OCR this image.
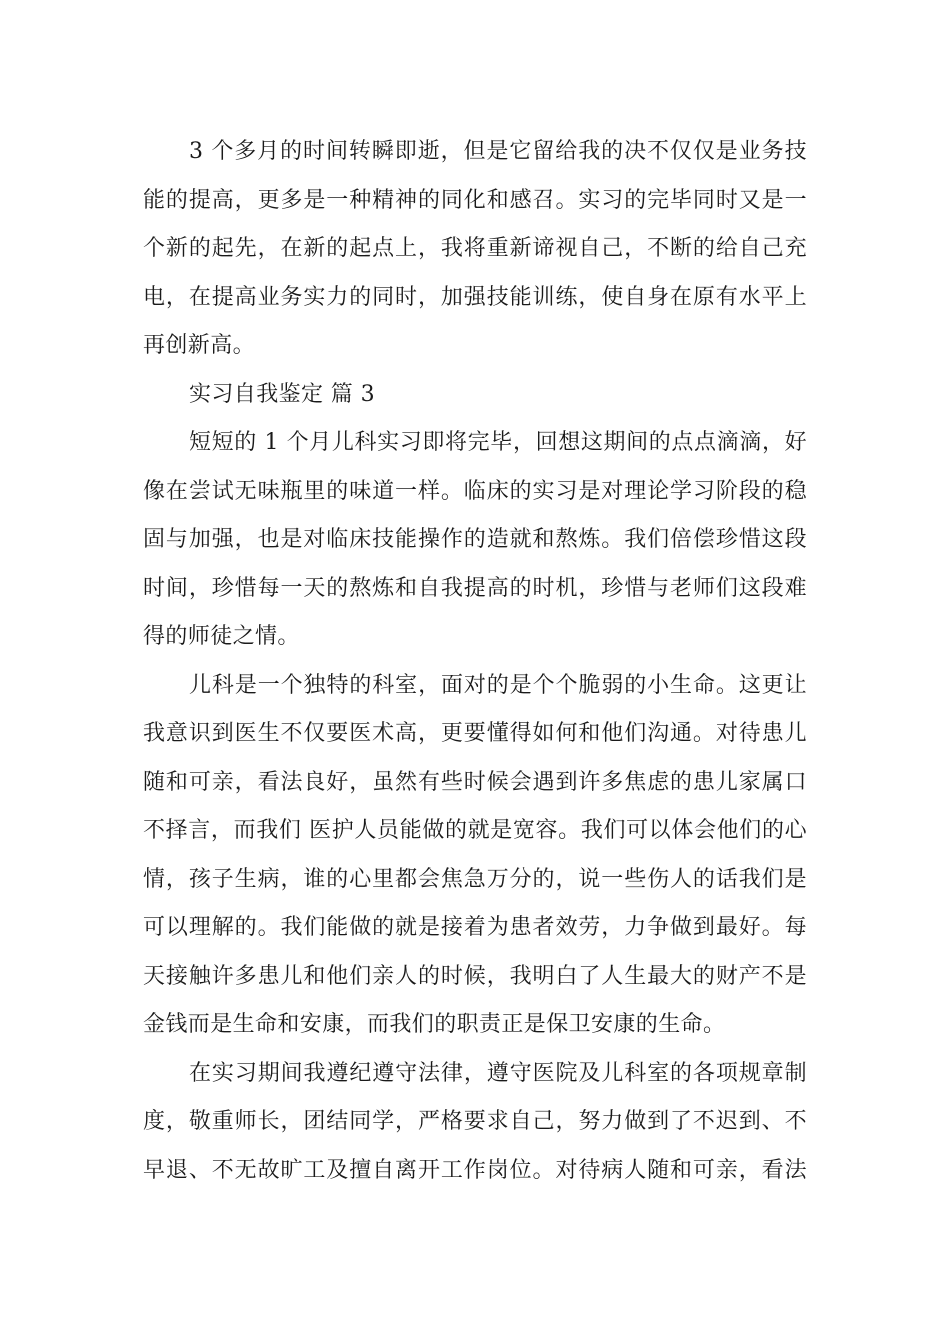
3 个多月的时间转瞬即逝，但是它留给我的决不仅仅是业务技
能的提高，更多是一种精神的同化和感召。实习的完毕同时又是一
个新的起先，在新的起点上，我将重新谛视自己，不断的给自己充
电，在提高业务实力的同时，加强技能训练，使自身在原有水平上
再创新高。
实习自我鉴定 篇 3
短短的 1 个月儿科实习即将完毕，回想这期间的点点滴滴，好
像在尝试无味瓶里的味道一样。临床的实习是对理论学习阶段的稳
固与加强，也是对临床技能操作的造就和熬炼。我们倍偿珍惜这段
时间，珍惜每一天的熬炼和自我提高的时机，珍惜与老师们这段难
得的师徒之情。
儿科是一个独特的科室，面对的是个个脆弱的小生命。这更让
我意识到医生不仅要医术高，更要懂得如何和他们沟通。对待患儿
随和可亲，看法良好，虽然有些时候会遇到许多焦虑的患儿家属口
不择言，而我们 医护人员能做的就是宽容。我们可以体会他们的心
情，孩子生病，谁的心里都会焦急万分的，说一些伤人的话我们是
可以理解的。我们能做的就是接着为患者效劳，力争做到最好。每
天接触许多患儿和他们亲人的时候，我明白了人生最大的财产不是
金钱而是生命和安康，而我们的职责正是保卫安康的生命。
在实习期间我遵纪遵守法律，遵守医院及儿科室的各项规章制
度，敬重师长，团结同学，严格要求自己，努力做到了不迟到、不
早退、不无故旷工及擅自离开工作岗位。对待病人随和可亲，看法
